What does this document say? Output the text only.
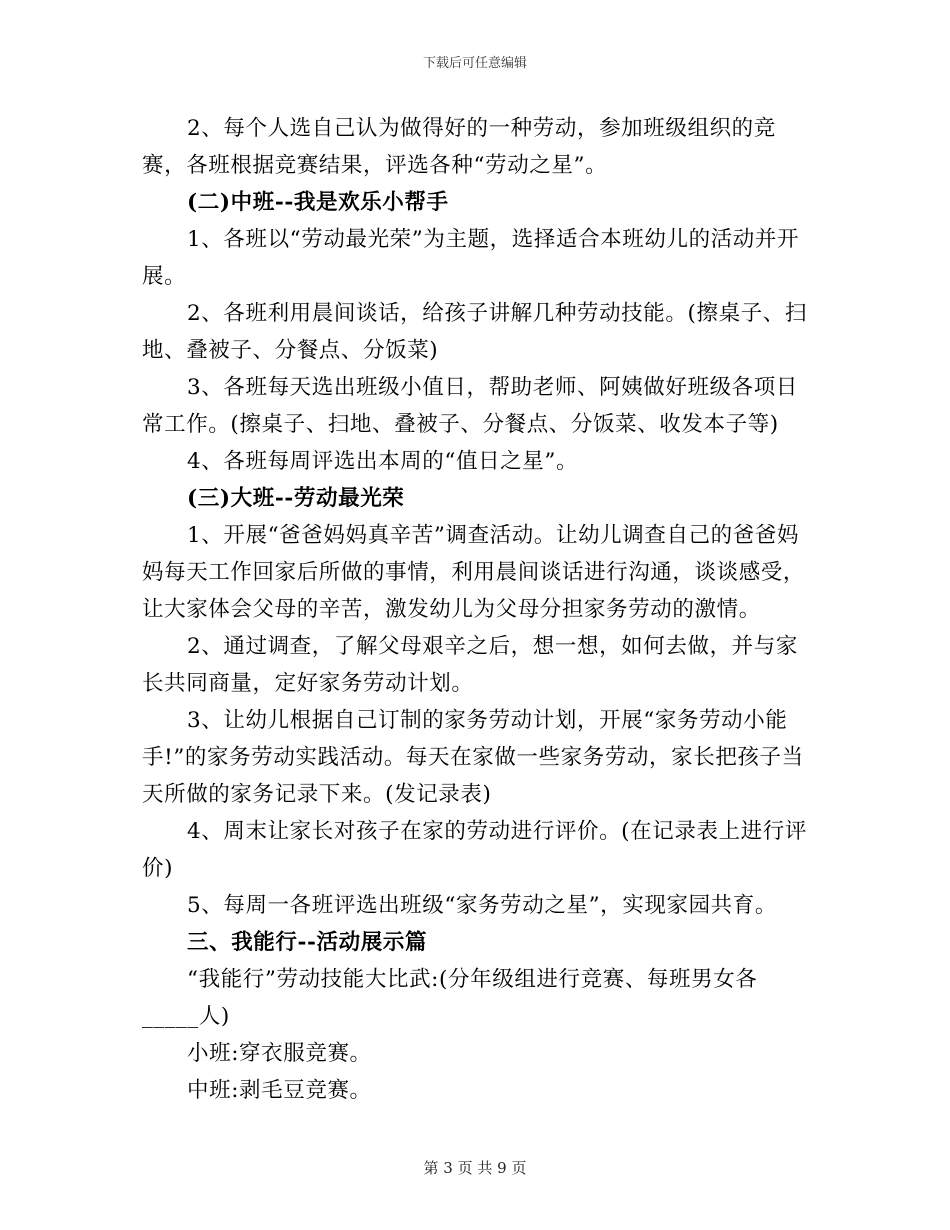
下载后可任意编辑

2、每个人选自己认为做得好的一种劳动，参加班级组织的竞赛，各班根据竞赛结果，评选各种“劳动之星”。

(二)中班--我是欢乐小帮手

1、各班以“劳动最光荣”为主题，选择适合本班幼儿的活动并开展。

2、各班利用晨间谈话，给孩子讲解几种劳动技能。(擦桌子、扫地、叠被子、分餐点、分饭菜)

3、各班每天选出班级小值日，帮助老师、阿姨做好班级各项日常工作。(擦桌子、扫地、叠被子、分餐点、分饭菜、收发本子等)

4、各班每周评选出本周的“值日之星”。

(三)大班--劳动最光荣

1、开展“爸爸妈妈真辛苦”调查活动。让幼儿调查自己的爸爸妈妈每天工作回家后所做的事情，利用晨间谈话进行沟通，谈谈感受，让大家体会父母的辛苦，激发幼儿为父母分担家务劳动的激情。

2、通过调查，了解父母艰辛之后，想一想，如何去做，并与家长共同商量，定好家务劳动计划。

3、让幼儿根据自己订制的家务劳动计划，开展“家务劳动小能手!”的家务劳动实践活动。每天在家做一些家务劳动，家长把孩子当天所做的家务记录下来。(发记录表)

4、周末让家长对孩子在家的劳动进行评价。(在记录表上进行评价)

5、每周一各班评选出班级“家务劳动之星”，实现家园共育。

三、我能行--活动展示篇

“我能行”劳动技能大比武:(分年级组进行竞赛、每班男女各_____人)

小班:穿衣服竞赛。

中班:剥毛豆竞赛。

第 3 页 共 9 页
